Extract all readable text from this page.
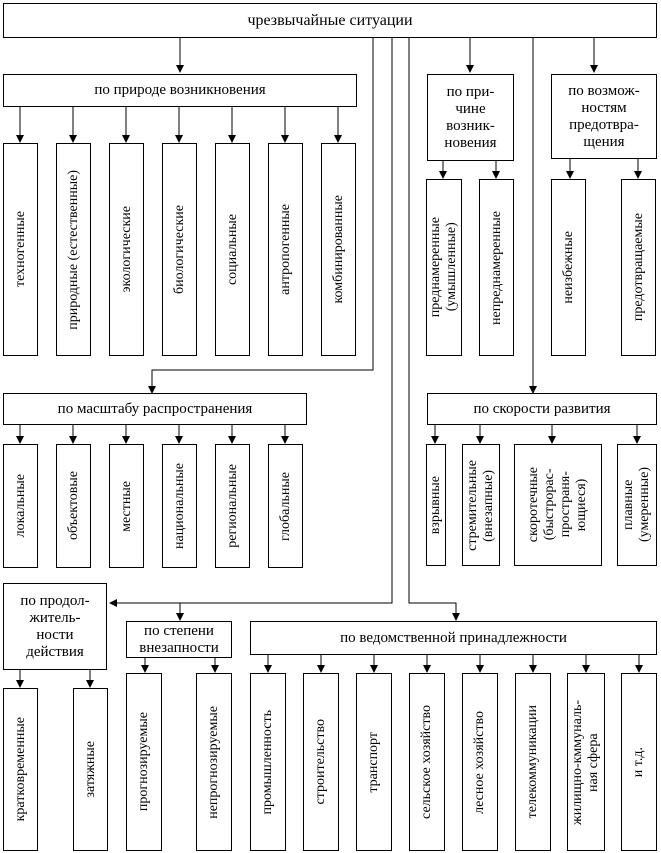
чрезвычайные ситуации
по природе возникновения
техногенные	природные (естественные)	экологические	биологические	социальные	антропогенные	комбинированные
по при-
чине
возник-
новения
преднамеренные
(умышленные) непреднамеренные
по возмож-
ностям
предотвра-
щения
неизбежные	предотвращаемые
по масштабу распространения
локальные	объектовые	местные	национальные	региональные	глобальные
по скорости развития
взрывные стремительные
(внезапные) скоротечные
(быстрорас-
пространя-
ющиеся) плавные
(умеренные)
по продол-
житель-
ности
действия
кратковременные	затяжные
по степени
внезапности
прогнозируемые	непрогнозируемые
по ведомственной принадлежности
промышленность	строительство	транспорт	сельское хозяйство	лесное хозяйство	телекоммуникации жилищно-кммуналь-
ная сфера и т.д.
